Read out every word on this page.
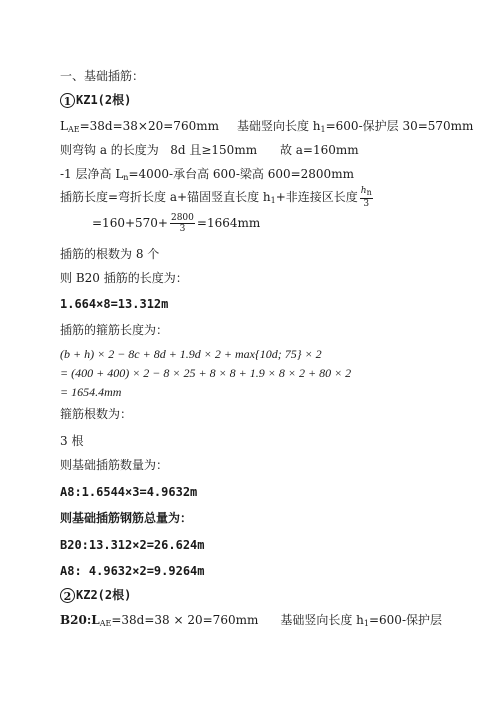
一、基础插筋：
1 KZ1(2根)
$L_{AE}=38d=38\times 20=760mm$ 基础竖向长度 $h_1=600-$保护层 30=570mm
则弯钩 a 的长度为   8d 且≥150mm      故 a=160mm
-1 层净高 $L_n=4000-$承台高 600-梁高 600=2800mm
插筋长度=弯折长度 a+锚固竖直长度 $h_1+$非连接区长度 $\frac{hn}{3}$
$=160+570+ \frac{2800}{3} =1664mm$
插筋的根数为 8 个
则 B20 插筋的长度为：
1.664×8=13.312m
插筋的箍筋长度为：
(b + h) × 2 − 8c + 8d + 1.9d × 2 + max{10d; 75} × 2
= (400 + 400) × 2 − 8 × 25 + 8 × 8 + 1.9 × 8 × 2 + 80 × 2
= 1654.4mm
箍筋根数为：
3 根
则基础插筋数量为：
A8:1.6544×3=4.9632m
则基础插筋钢筋总量为：
B20:13.312×2=26.624m
A8: 4.9632×2=9.9264m
2 KZ2(2根)
$B20:L_{AE}=38d=38 \times 20=760mm$ 基础竖向长度 $h_1=600-$保护层
